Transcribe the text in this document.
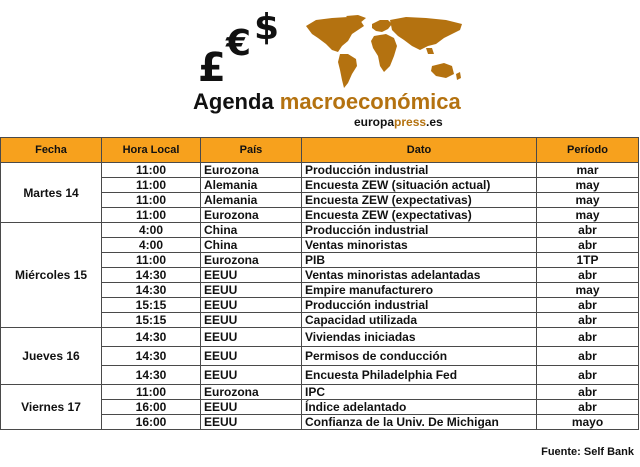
£
€ $
Agenda macroeconómica
europapress.es
Fecha	Hora Local	País	Dato	Período
Martes 14	11:00	Eurozona	Producción industrial	mar
	11:00	Alemania	Encuesta ZEW (situación actual)	may
	11:00	Alemania	Encuesta ZEW (expectativas)	may
	11:00	Eurozona	Encuesta ZEW (expectativas)	may
Miércoles 15	4:00	China	Producción industrial	abr
	4:00	China	Ventas minoristas	abr
	11:00	Eurozona	PIB	1TP
	14:30	EEUU	Ventas minoristas adelantadas	abr
	14:30	EEUU	Empire manufacturero	may
	15:15	EEUU	Producción industrial	abr
	15:15	EEUU	Capacidad utilizada	abr
Jueves 16	14:30	EEUU	Viviendas iniciadas	abr
	14:30	EEUU	Permisos de conducción	abr
	14:30	EEUU	Encuesta Philadelphia Fed	abr
Viernes 17	11:00	Eurozona	IPC	abr
	16:00	EEUU	Índice adelantado	abr
	16:00	EEUU	Confianza de la Univ. De Michigan	mayo
Fuente: Self Bank
